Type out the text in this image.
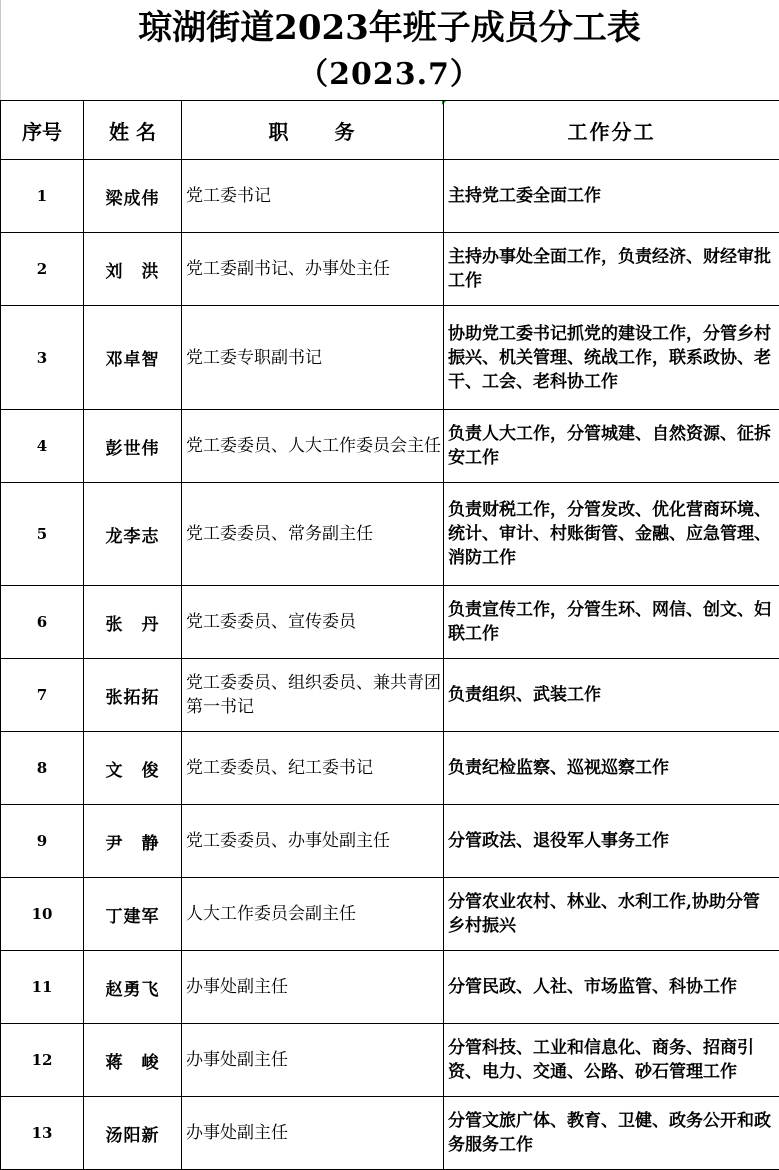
琼湖街道2023年班子成员分工表
（2023.7）
序号	姓 名	职　　务	工作分工
1	梁成伟	党工委书记	主持党工委全面工作
2	刘　洪	党工委副书记、办事处主任	主持办事处全面工作，负责经济、财经审批工作
3	邓卓智	党工委专职副书记	协助党工委书记抓党的建设工作，分管乡村振兴、机关管理、统战工作，联系政协、老干、工会、老科协工作
4	彭世伟	党工委委员、人大工作委员会主任	负责人大工作，分管城建、自然资源、征拆安工作
5	龙李志	党工委委员、常务副主任	负责财税工作，分管发改、优化营商环境、统计、审计、村账街管、金融、应急管理、消防工作
6	张　丹	党工委委员、宣传委员	负责宣传工作，分管生环、网信、创文、妇联工作
7	张拓拓	党工委委员、组织委员、兼共青团第一书记	负责组织、武装工作
8	文　俊	党工委委员、纪工委书记	负责纪检监察、巡视巡察工作
9	尹　静	党工委委员、办事处副主任	分管政法、退役军人事务工作
10	丁建军	人大工作委员会副主任	分管农业农村、林业、水利工作,协助分管乡村振兴
11	赵勇飞	办事处副主任	分管民政、人社、市场监管、科协工作
12	蒋　峻	办事处副主任	分管科技、工业和信息化、商务、招商引资、电力、交通、公路、砂石管理工作
13	汤阳新	办事处副主任	分管文旅广体、教育、卫健、政务公开和政务服务工作
